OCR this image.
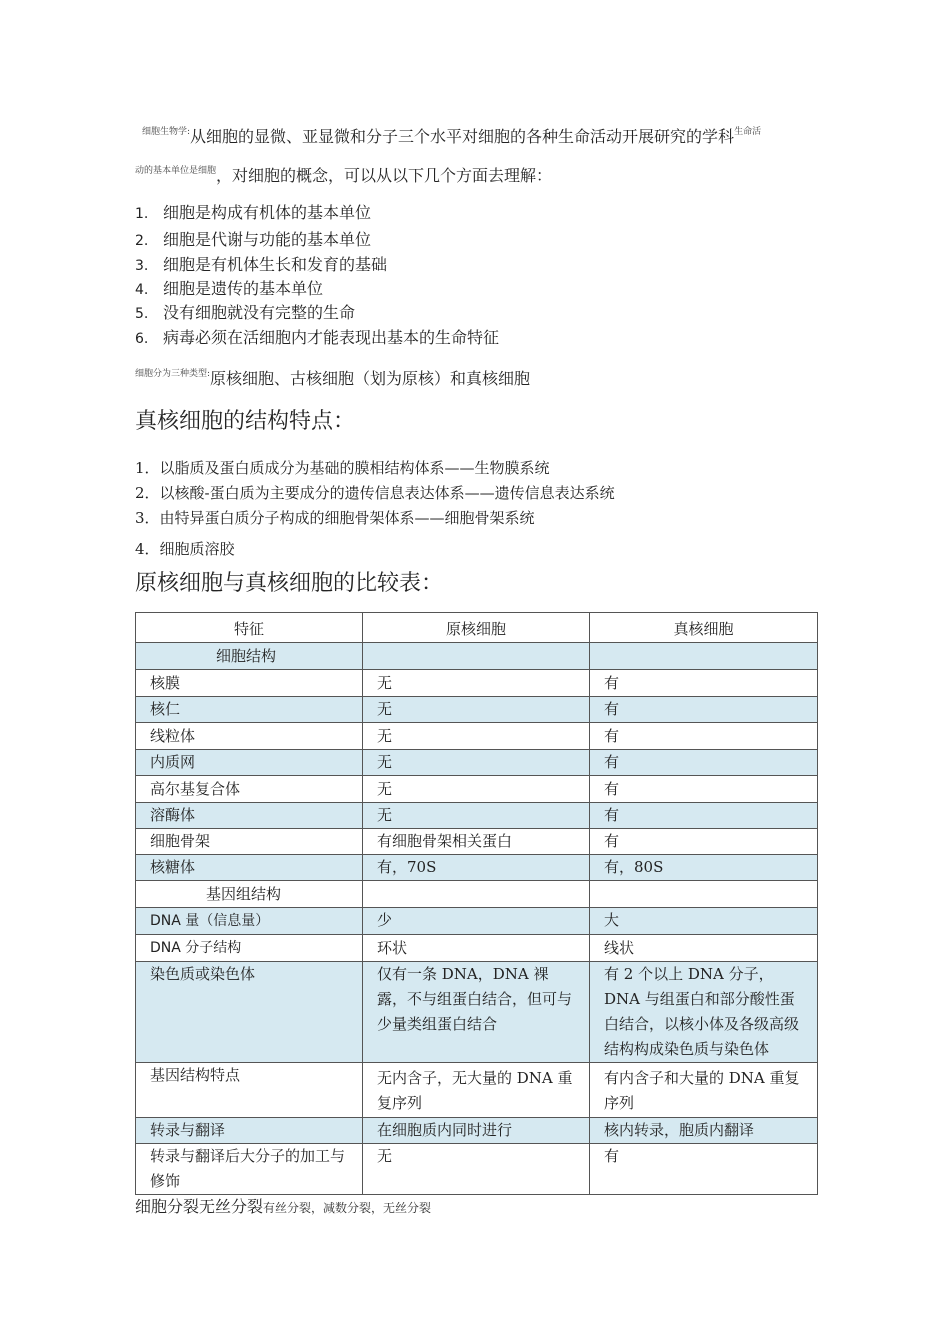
$^{细胞生物学:}$从细胞的显微、亚显微和分子三个水平对细胞的各种生命活动开展研究的学科$^{生命活}$
$^{动的基本单位是细胞}$，对细胞的概念，可以从以下几个方面去理解：
1. 细胞是构成有机体的基本单位
2. 细胞是代谢与功能的基本单位
3. 细胞是有机体生长和发育的基础
4. 细胞是遗传的基本单位
5. 没有细胞就没有完整的生命
6. 病毒必须在活细胞内才能表现出基本的生命特征
$^{细胞分为三种类型:}$原核细胞、古核细胞（划为原核）和真核细胞
真核细胞的结构特点：
1．以脂质及蛋白质成分为基础的膜相结构体系——生物膜系统
2．以核酸-蛋白质为主要成分的遗传信息表达体系——遗传信息表达系统
3．由特异蛋白质分子构成的细胞骨架体系——细胞骨架系统
4．细胞质溶胶
原核细胞与真核细胞的比较表：
特征	原核细胞	真核细胞
细胞结构		
核膜	无	有
核仁	无	有
线粒体	无	有
内质网	无	有
高尔基复合体	无	有
溶酶体	无	有
细胞骨架	有细胞骨架相关蛋白	有
核糖体	有，70S	有，80S
基因组结构		
DNA 量（信息量）	少	大
DNA 分子结构	环状	线状
染色质或染色体	仅有一条 DNA，DNA 裸露，不与组蛋白结合，但可与少量类组蛋白结合	有 2 个以上 DNA 分子，DNA 与组蛋白和部分酸性蛋白结合，以核小体及各级高级结构构成染色质与染色体
基因结构特点	无内含子，无大量的 DNA 重复序列	有内含子和大量的 DNA 重复序列
转录与翻译	在细胞质内同时进行	核内转录，胞质内翻译
转录与翻译后大分子的加工与修饰	无	有
细胞分裂无丝分裂有丝分裂，减数分裂，无丝分裂
